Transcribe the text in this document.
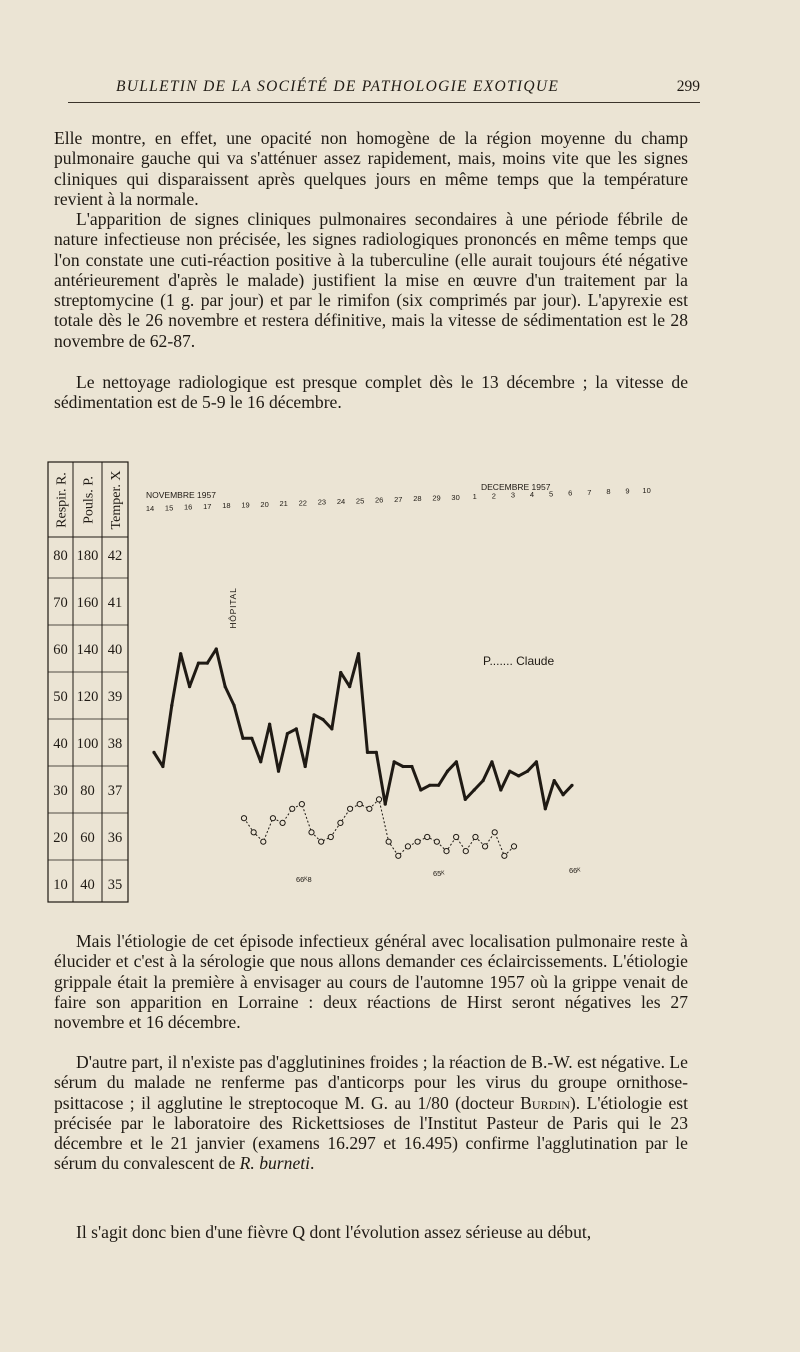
BULLETIN DE LA SOCIÉTÉ DE PATHOLOGIE EXOTIQUE	299

Elle montre, en effet, une opacité non homogène de la région moyenne du champ pulmonaire gauche qui va s'atténuer assez rapidement, mais, moins vite que les signes cliniques qui disparaissent après quelques jours en même temps que la température revient à la normale.

L'apparition de signes cliniques pulmonaires secondaires à une période fébrile de nature infectieuse non précisée, les signes radiologiques prononcés en même temps que l'on constate une cuti-réaction positive à la tuberculine (elle aurait toujours été négative antérieurement d'après le malade) justifient la mise en œuvre d'un traitement par la streptomycine (1 g. par jour) et par le rimifon (six comprimés par jour). L'apyrexie est totale dès le 26 novembre et restera définitive, mais la vitesse de sédimentation est le 28 novembre de 62-87.

Le nettoyage radiologique est presque complet dès le 13 décembre ; la vitesse de sédimentation est de 5-9 le 16 décembre.

Respir. R. Pouls. P. Temper. X
80 180 42
70 160 41
60 140 40
50 120 39
40 100 38
30 80 37
20 60 36
10 40 35
NOVEMBRE 1957
DECEMBRE 1957
14 15 16 17 18 19 20 21 22 23 24 25 26 27 28 29 30 1 2 3 4 5 6 7 8 9 10
HÔPITAL
P....... Claude
66ᴷ8
65ᴷ	66ᴷ

Mais l'étiologie de cet épisode infectieux général avec localisation pulmonaire reste à élucider et c'est à la sérologie que nous allons demander ces éclaircissements. L'étiologie grippale était la première à envisager au cours de l'automne 1957 où la grippe venait de faire son apparition en Lorraine : deux réactions de Hirst seront négatives les 27 novembre et 16 décembre.

D'autre part, il n'existe pas d'agglutinines froides ; la réaction de B.-W. est négative. Le sérum du malade ne renferme pas d'anticorps pour les virus du groupe ornithose-psittacose ; il agglutine le streptocoque M. G. au 1/80 (docteur Burdin). L'étiologie est précisée par le laboratoire des Rickettsioses de l'Institut Pasteur de Paris qui le 23 décembre et le 21 janvier (examens 16.297 et 16.495) confirme l'agglutination par le sérum du convalescent de R. burneti.

Il s'agit donc bien d'une fièvre Q dont l'évolution assez sérieuse au début,
